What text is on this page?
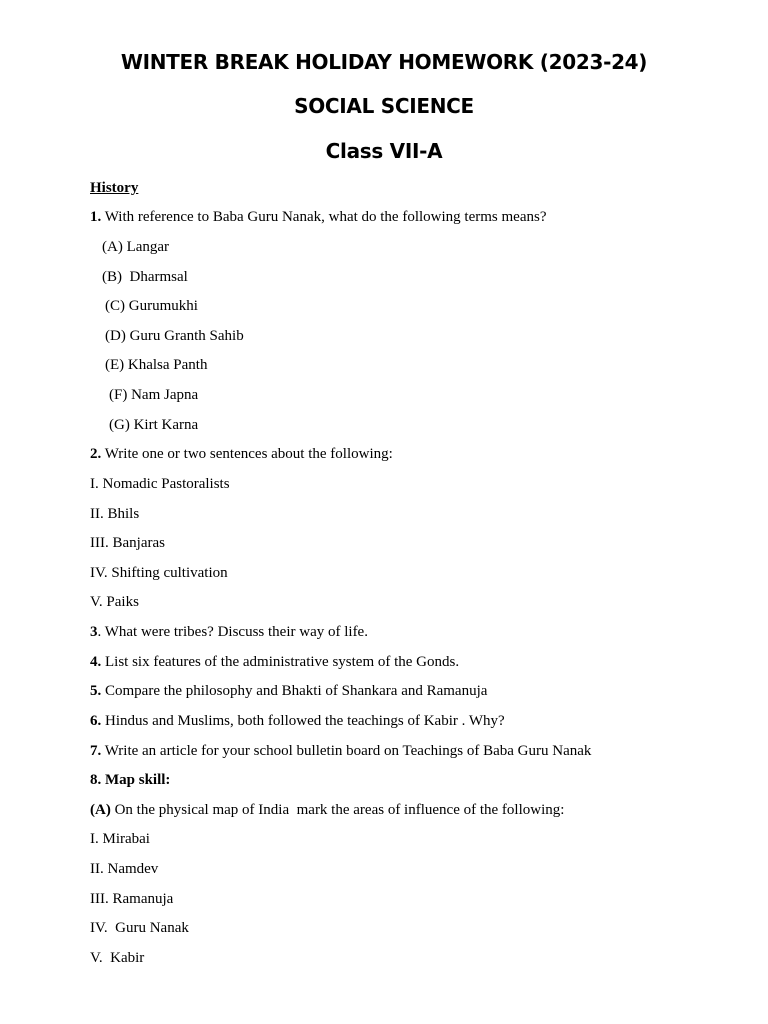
WINTER BREAK HOLIDAY HOMEWORK (2023-24)
SOCIAL SCIENCE
Class VII-A
History
1. With reference to Baba Guru Nanak, what do the following terms means?
(A) Langar
(B)  Dharmsal
(C) Gurumukhi
(D) Guru Granth Sahib
(E) Khalsa Panth
(F) Nam Japna
(G) Kirt Karna
2. Write one or two sentences about the following:
I. Nomadic Pastoralists
II. Bhils
III. Banjaras
IV. Shifting cultivation
V. Paiks
3. What were tribes? Discuss their way of life.
4. List six features of the administrative system of the Gonds.
5. Compare the philosophy and Bhakti of Shankara and Ramanuja
6. Hindus and Muslims, both followed the teachings of Kabir . Why?
7. Write an article for your school bulletin board on Teachings of Baba Guru Nanak
8. Map skill:
(A) On the physical map of India  mark the areas of influence of the following:
I. Mirabai
II. Namdev
III. Ramanuja
IV.  Guru Nanak
V.  Kabir
